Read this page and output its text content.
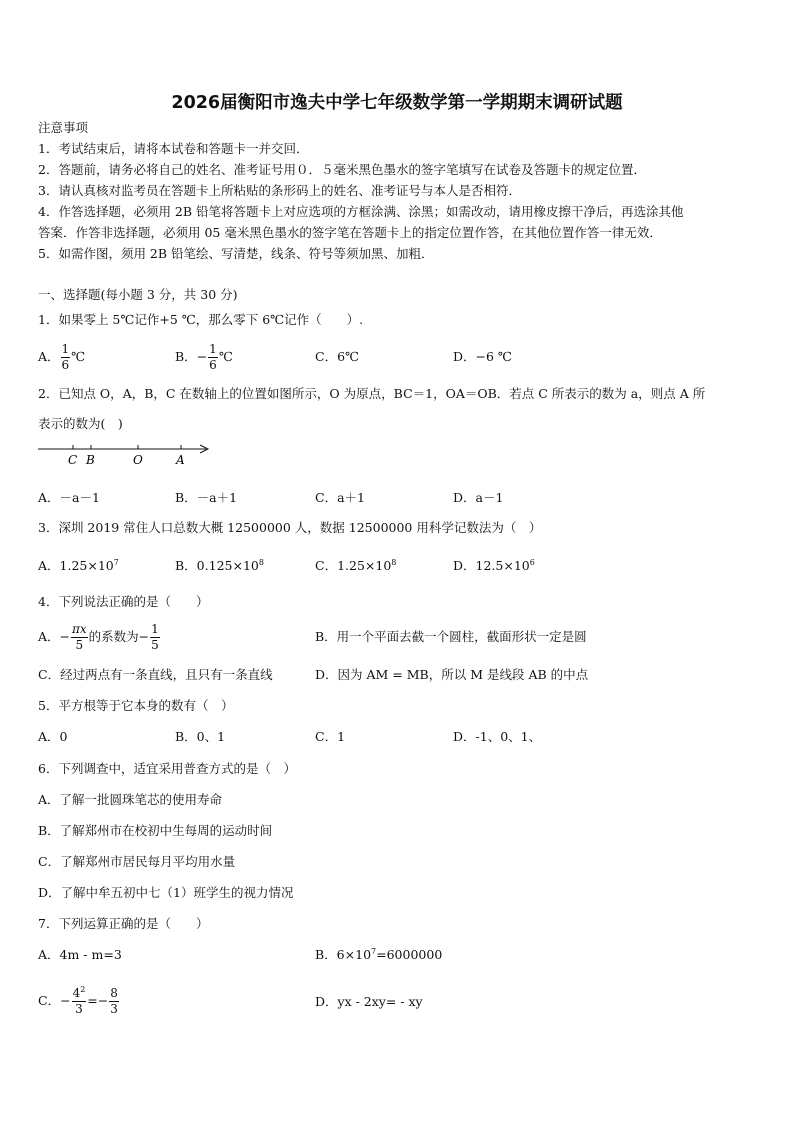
2026届衡阳市逸夫中学七年级数学第一学期期末调研试题
注意事项
1．考试结束后，请将本试卷和答题卡一并交回．
2．答题前，请务必将自己的姓名、准考证号用０．５毫米黑色墨水的签字笔填写在试卷及答题卡的规定位置．
3．请认真核对监考员在答题卡上所粘贴的条形码上的姓名、准考证号与本人是否相符．
4．作答选择题，必须用 2B 铅笔将答题卡上对应选项的方框涂满、涂黑；如需改动，请用橡皮擦干净后，再选涂其他
答案．作答非选择题，必须用 05 毫米黑色墨水的签字笔在答题卡上的指定位置作答，在其他位置作答一律无效．
5．如需作图，须用 2B 铅笔绘、写清楚，线条、符号等须加黑、加粗．
一、选择题(每小题 3 分，共 30 分)
1．如果零上 5℃记作+5 ℃，那么零下 6℃记作（　　）.
A． $\frac{1}{6}$ ℃	B．− $\frac{1}{6}$ ℃	C．6℃	D．−6 ℃
2．已知点 O，A，B，C 在数轴上的位置如图所示，O 为原点，BC＝1，OA＝OB．若点 C 所表示的数为 a，则点 A 所
表示的数为(　)
C B	O	A
A．－a－1	B．－a＋1	C．a＋1	D．a－1
3．深圳 2019 常住人口总数大概 12500000 人，数据 12500000 用科学记数法为（　）
A．$1.25\times 10^7$	B．$0.125\times 10^8$	C．$1.25\times 10^8$	D．$12.5\times 10^6$
4．下列说法正确的是（　　）
A．− $\frac{\pi x}{5}$ 的系数为− $\frac{1}{5}$	B．用一个平面去截一个圆柱，截面形状一定是圆
C．经过两点有一条直线，且只有一条直线	D．因为 AM = MB，所以 M 是线段 AB 的中点
5．平方根等于它本身的数有（　）
A．0	B．0、1	C．1	D．-1、0、1、
6．下列调查中，适宜采用普查方式的是（　）
A．了解一批圆珠笔芯的使用寿命
B．了解郑州市在校初中生每周的运动时间
C．了解郑州市居民每月平均用水量
D．了解中牟五初中七（1）班学生的视力情况
7．下列运算正确的是（　　）
A．4m - m=3	B．$6\times 10^7=6000000$
C．− $\frac{4^2}{3} =- \frac{8}{3}$	D．yx - 2xy= - xy
